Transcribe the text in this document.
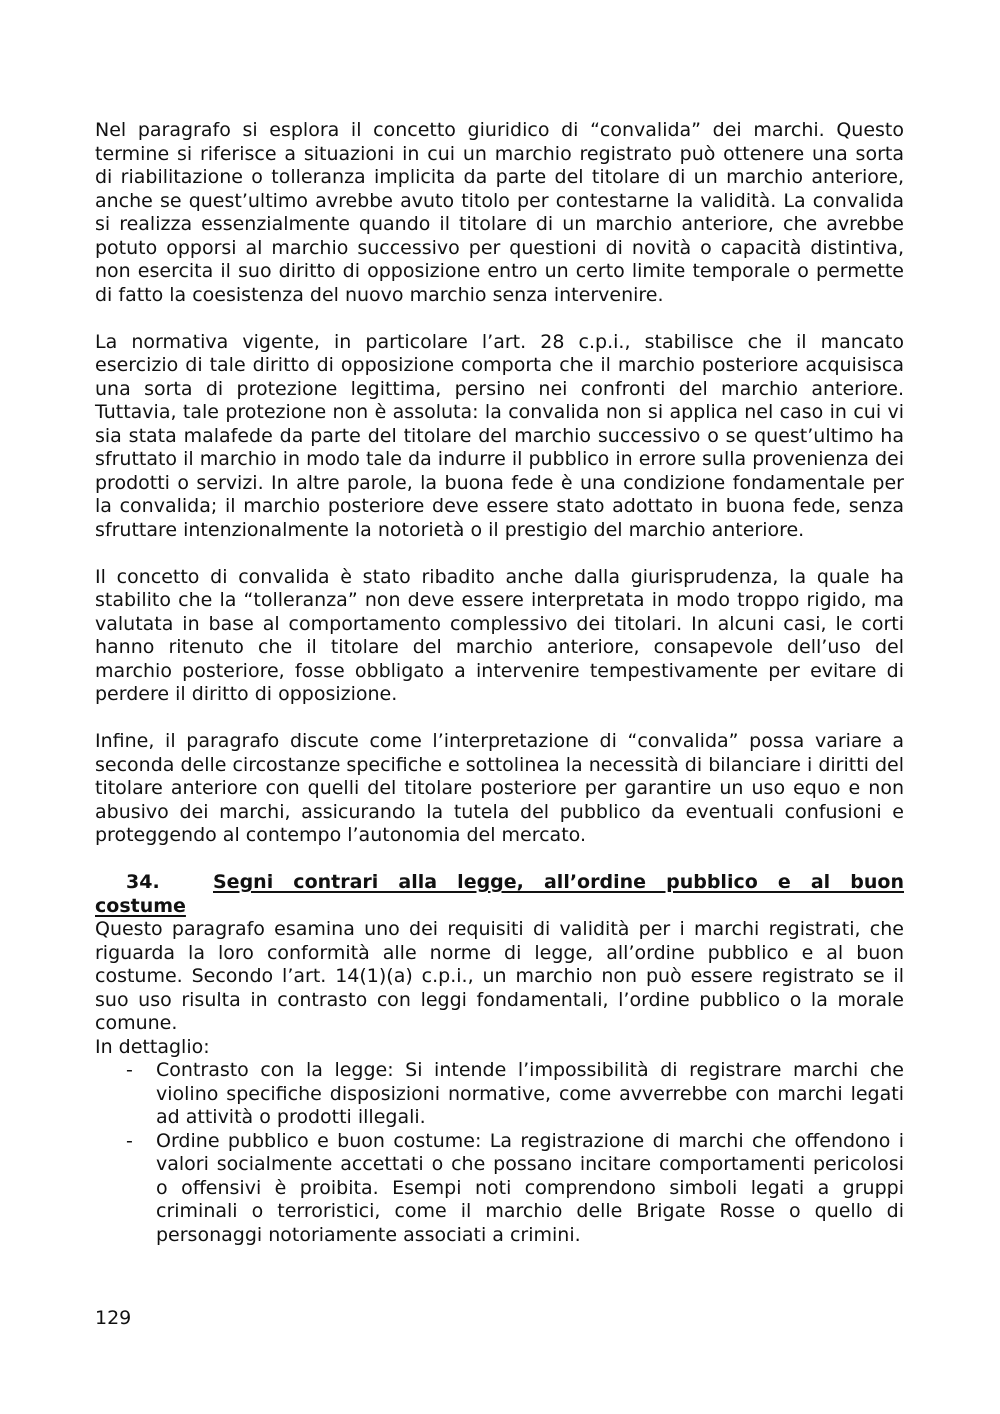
Nel paragrafo si esplora il concetto giuridico di “convalida” dei marchi. Questo termine si riferisce a situazioni in cui un marchio registrato può ottenere una sorta di riabilitazione o tolleranza implicita da parte del titolare di un marchio anteriore, anche se quest’ultimo avrebbe avuto titolo per contestarne la validità. La convalida si realizza essenzialmente quando il titolare di un marchio anteriore, che avrebbe potuto opporsi al marchio successivo per questioni di novità o capacità distintiva, non esercita il suo diritto di opposizione entro un certo limite temporale o permette di fatto la coesistenza del nuovo marchio senza intervenire.

La normativa vigente, in particolare l’art. 28 c.p.i., stabilisce che il mancato esercizio di tale diritto di opposizione comporta che il marchio posteriore acquisisca una sorta di protezione legittima, persino nei confronti del marchio anteriore. Tuttavia, tale protezione non è assoluta: la convalida non si applica nel caso in cui vi sia stata malafede da parte del titolare del marchio successivo o se quest’ultimo ha sfruttato il marchio in modo tale da indurre il pubblico in errore sulla provenienza dei prodotti o servizi. In altre parole, la buona fede è una condizione fondamentale per la convalida; il marchio posteriore deve essere stato adottato in buona fede, senza sfruttare intenzionalmente la notorietà o il prestigio del marchio anteriore.

Il concetto di convalida è stato ribadito anche dalla giurisprudenza, la quale ha stabilito che la “tolleranza” non deve essere interpretata in modo troppo rigido, ma valutata in base al comportamento complessivo dei titolari. In alcuni casi, le corti hanno ritenuto che il titolare del marchio anteriore, consapevole dell’uso del marchio posteriore, fosse obbligato a intervenire tempestivamente per evitare di perdere il diritto di opposizione.

Infine, il paragrafo discute come l’interpretazione di “convalida” possa variare a seconda delle circostanze specifiche e sottolinea la necessità di bilanciare i diritti del titolare anteriore con quelli del titolare posteriore per garantire un uso equo e non abusivo dei marchi, assicurando la tutela del pubblico da eventuali confusioni e proteggendo al contempo l’autonomia del mercato.

34.	Segni contrari alla legge, all’ordine pubblico e al buon
costume

Questo paragrafo esamina uno dei requisiti di validità per i marchi registrati, che riguarda la loro conformità alle norme di legge, all’ordine pubblico e al buon costume. Secondo l’art. 14(1)(a) c.p.i., un marchio non può essere registrato se il suo uso risulta in contrasto con leggi fondamentali, l’ordine pubblico o la morale comune.

In dettaglio:

- Contrasto con la legge: Si intende l’impossibilità di registrare marchi che violino specifiche disposizioni normative, come avverrebbe con marchi legati ad attività o prodotti illegali.
- Ordine pubblico e buon costume: La registrazione di marchi che offendono i valori socialmente accettati o che possano incitare comportamenti pericolosi o offensivi è proibita. Esempi noti comprendono simboli legati a gruppi criminali o terroristici, come il marchio delle Brigate Rosse o quello di personaggi notoriamente associati a crimini.
129
